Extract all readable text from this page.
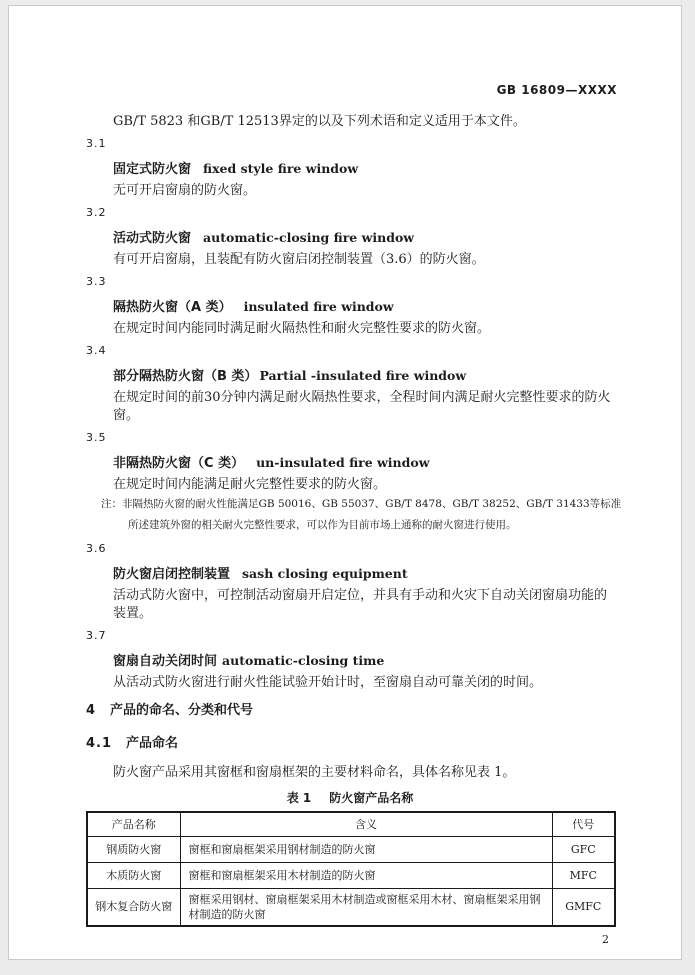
GB 16809—XXXX

GB/T 5823 和GB/T 12513界定的以及下列术语和定义适用于本文件。

3.1
固定式防火窗 fixed style fire window

无可开启窗扇的防火窗。

3.2
活动式防火窗 automatic-closing fire window

有可开启窗扇，且装配有防火窗启闭控制装置（3.6）的防火窗。

3.3
隔热防火窗（A 类） insulated fire window

在规定时间内能同时满足耐火隔热性和耐火完整性要求的防火窗。

3.4
部分隔热防火窗（B 类） Partial -insulated fire window

在规定时间的前30分钟内满足耐火隔热性要求，全程时间内满足耐火完整性要求的防火窗。

3.5
非隔热防火窗（C 类） un-insulated fire window

在规定时间内能满足耐火完整性要求的防火窗。

注：非隔热防火窗的耐火性能满足GB 50016、GB 55037、GB/T 8478、GB/T 38252、GB/T 31433等标准所述建筑外窗的相关耐火完整性要求，可以作为目前市场上通称的耐火窗进行使用。

3.6
防火窗启闭控制装置 sash closing equipment

活动式防火窗中，可控制活动窗扇开启定位，并具有手动和火灾下自动关闭窗扇功能的装置。

3.7
窗扇自动关闭时间 automatic-closing time

从活动式防火窗进行耐火性能试验开始计时，至窗扇自动可靠关闭的时间。

4 产品的命名、分类和代号
4.1 产品命名

防火窗产品采用其窗框和窗扇框架的主要材料命名，具体名称见表 1。

表 1 防火窗产品名称
产品名称	含义	代号
钢质防火窗	窗框和窗扇框架采用钢材制造的防火窗	GFC
木质防火窗	窗框和窗扇框架采用木材制造的防火窗	MFC
钢木复合防火窗	窗框采用钢材、窗扇框架采用木材制造或窗框采用木材、窗扇框架采用钢材制造的防火窗	GMFC
2
